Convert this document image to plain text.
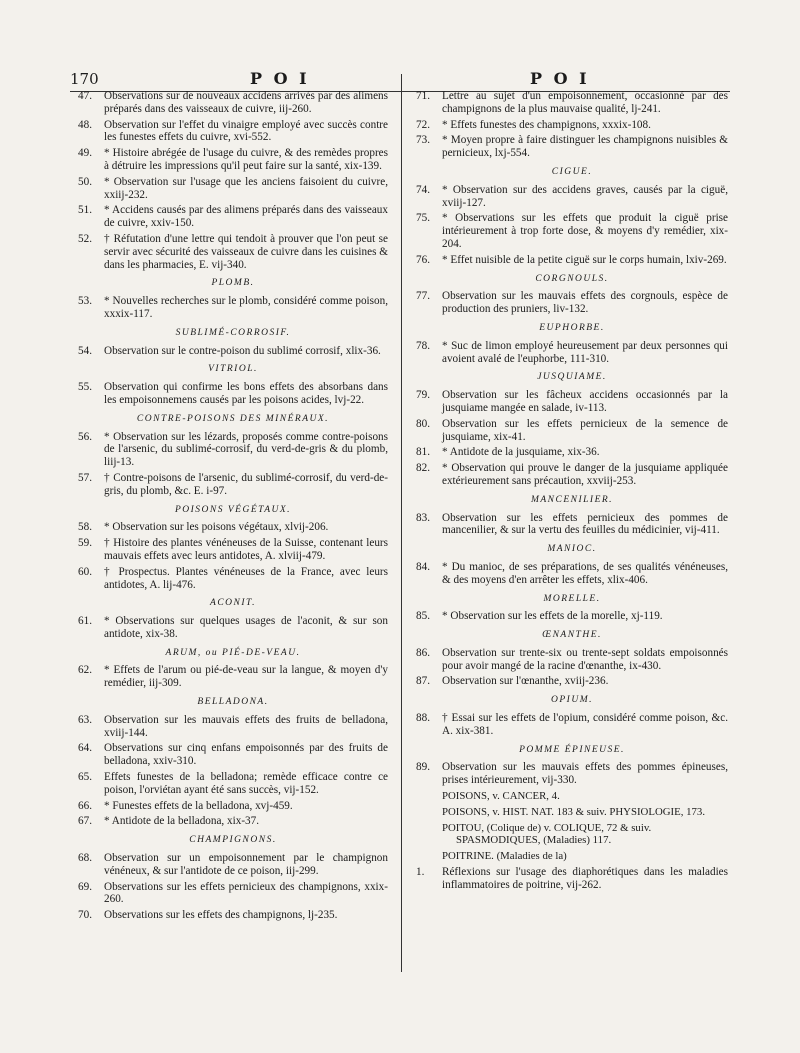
170	P O I	P O I
47.	Observations sur de nouveaux accidens arrivés par des alimens préparés dans des vaisseaux de cuivre, iij-260.
48.	Observation sur l'effet du vinaigre employé avec succès contre les funestes effets du cuivre, xvi-552.
49.	* Histoire abrégée de l'usage du cuivre, & des remèdes propres à détruire les impressions qu'il peut faire sur la santé, xix-139.
50.	* Observation sur l'usage que les anciens faisoient du cuivre, xxiij-232.
51.	* Accidens causés par des alimens préparés dans des vaisseaux de cuivre, xxiv-150.
52.	† Réfutation d'une lettre qui tendoit à prouver que l'on peut se servir avec sécurité des vaisseaux de cuivre dans les cuisines & dans les pharmacies, E. vij-340.
PLOMB.
53.	* Nouvelles recherches sur le plomb, considéré comme poison, xxxix-117.
SUBLIMÉ-CORROSIF.
54.	Observation sur le contre-poison du sublimé corrosif, xlix-36.
VITRIOL.
55.	Observation qui confirme les bons effets des absorbans dans les empoisonnemens causés par les poisons acides, lvj-22.
CONTRE-POISONS DES MINÉRAUX.
56.	* Observation sur les lézards, proposés comme contre-poisons de l'arsenic, du sublimé-corrosif, du verd-de-gris & du plomb, liij-13.
57.	† Contre-poisons de l'arsenic, du sublimé-corrosif, du verd-de-gris, du plomb, &c. E. i-97.
POISONS VÉGÉTAUX.
58.	* Observation sur les poisons végétaux, xlvij-206.
59.	† Histoire des plantes vénéneuses de la Suisse, contenant leurs mauvais effets avec leurs antidotes, A. xlviij-479.
60.	† Prospectus. Plantes vénéneuses de la France, avec leurs antidotes, A. lij-476.
ACONIT.
61.	* Observations sur quelques usages de l'aconit, & sur son antidote, xix-38.
ARUM, ou PIÉ-DE-VEAU.
62.	* Effets de l'arum ou pié-de-veau sur la langue, & moyen d'y remédier, iij-309.
BELLADONA.
63.	Observation sur les mauvais effets des fruits de belladona, xviij-144.
64.	Observations sur cinq enfans empoisonnés par des fruits de belladona, xxiv-310.
65.	Effets funestes de la belladona; remède efficace contre ce poison, l'orviétan ayant été sans succès, vij-152.
66.	* Funestes effets de la belladona, xvj-459.
67.	* Antidote de la belladona, xix-37.
CHAMPIGNONS.
68.	Observation sur un empoisonnement par le champignon vénéneux, & sur l'antidote de ce poison, iij-299.
69.	Observations sur les effets pernicieux des champignons, xxix-260.
70.	Observations sur les effets des champignons, lj-235.
71.	Lettre au sujet d'un empoisonnement, occasionné par des champignons de la plus mauvaise qualité, lj-241.
72.	* Effets funestes des champignons, xxxix-108.
73.	* Moyen propre à faire distinguer les champignons nuisibles & pernicieux, lxj-554.
CIGUE.
74.	* Observation sur des accidens graves, causés par la ciguë, xviij-127.
75.	* Observations sur les effets que produit la ciguë prise intérieurement à trop forte dose, & moyens d'y remédier, xix-204.
76.	* Effet nuisible de la petite ciguë sur le corps humain, lxiv-269.
CORGNOULS.
77.	Observation sur les mauvais effets des corgnouls, espèce de production des pruniers, liv-132.
EUPHORBE.
78.	* Suc de limon employé heureusement par deux personnes qui avoient avalé de l'euphorbe, 111-310.
JUSQUIAME.
79.	Observation sur les fâcheux accidens occasionnés par la jusquiame mangée en salade, iv-113.
80.	Observation sur les effets pernicieux de la semence de jusquiame, xix-41.
81.	* Antidote de la jusquiame, xix-36.
82.	* Observation qui prouve le danger de la jusquiame appliquée extérieurement sans précaution, xxviij-253.
MANCENILIER.
83.	Observation sur les effets pernicieux des pommes de mancenilier, & sur la vertu des feuilles du médicinier, vij-411.
MANIOC.
84.	* Du manioc, de ses préparations, de ses qualités vénéneuses, & des moyens d'en arrêter les effets, xlix-406.
MORELLE.
85.	* Observation sur les effets de la morelle, xj-119.
ŒNANTHE.
86.	Observation sur trente-six ou trente-sept soldats empoisonnés pour avoir mangé de la racine d'œnanthe, ix-430.
87.	Observation sur l'œnanthe, xviij-236.
OPIUM.
88.	† Essai sur les effets de l'opium, considéré comme poison, &c. A. xix-381.
POMME ÉPINEUSE.
89.	Observation sur les mauvais effets des pommes épineuses, prises intérieurement, vij-330.
POISONS, v. CANCER, 4.
POISONS, v. HIST. NAT. 183 & suiv. PHYSIOLOGIE, 173.
POITOU, (Colique de) v. COLIQUE, 72 & suiv. SPASMODIQUES, (Maladies) 117.
POITRINE. (Maladies de la)
1.	Réflexions sur l'usage des diaphorétiques dans les maladies inflammatoires de poitrine, vij-262.
